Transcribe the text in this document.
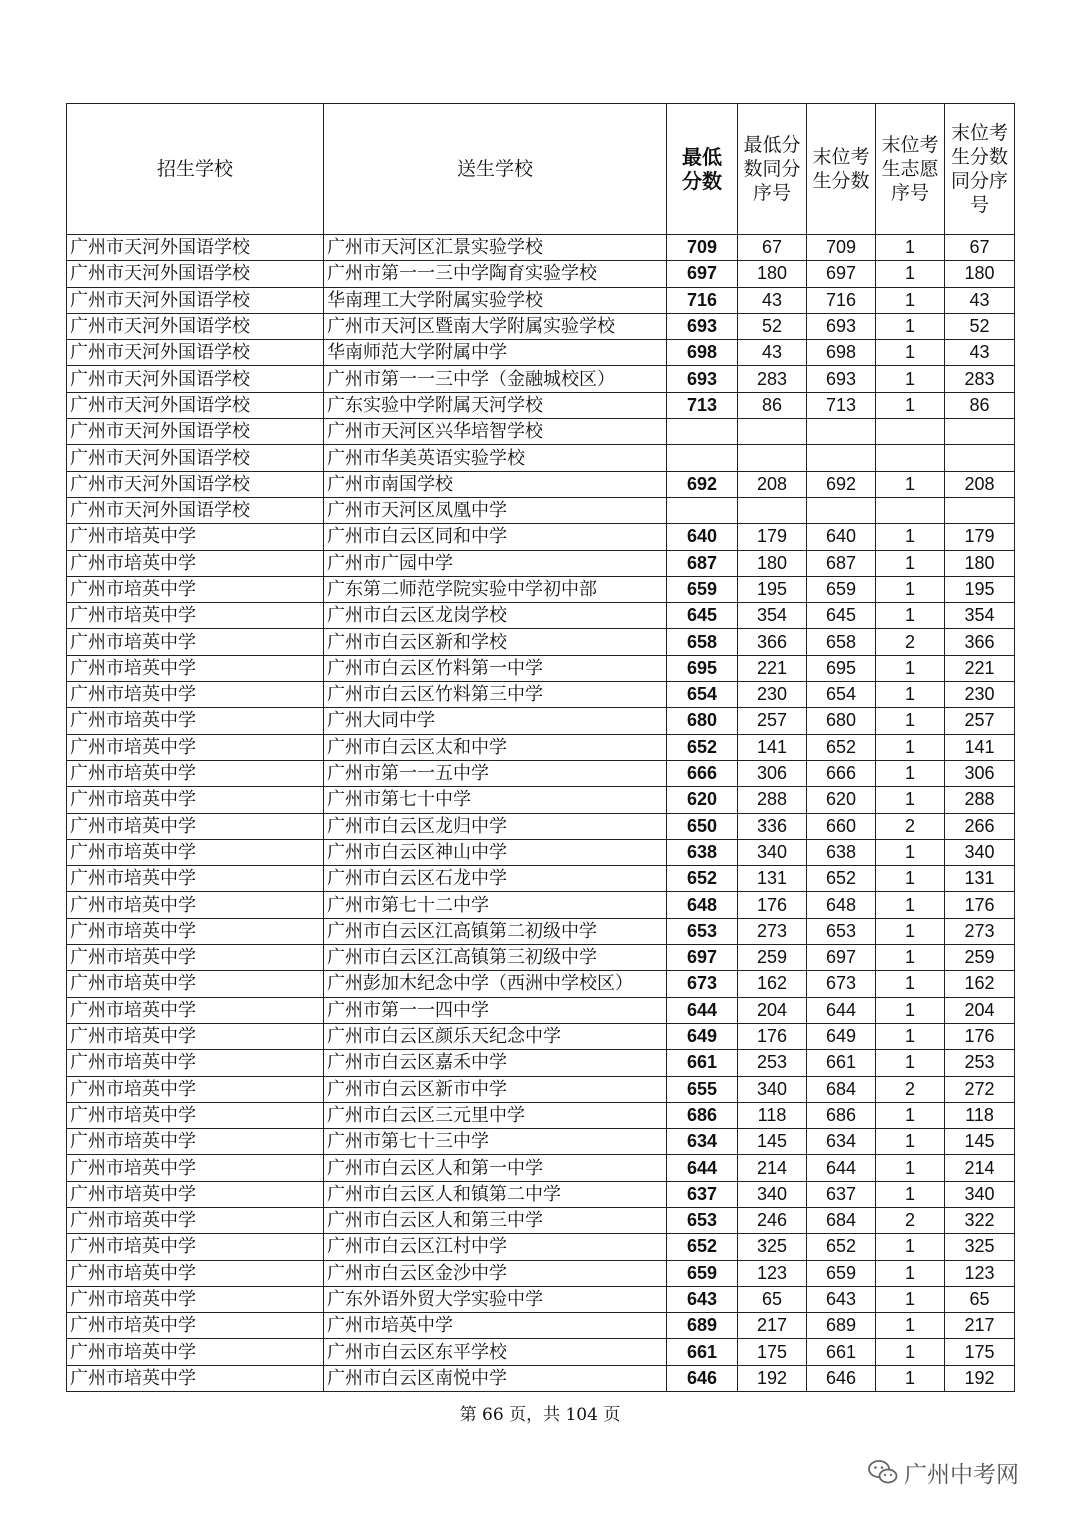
招生学校	送生学校	最低分数	最低分数同分序号	末位考生分数	末位考生志愿序号	末位考生分数同分序号

广州市天河外国语学校	广州市天河区汇景实验学校	709	67	709	1	67
广州市天河外国语学校	广州市第一一三中学陶育实验学校	697	180	697	1	180
广州市天河外国语学校	华南理工大学附属实验学校	716	43	716	1	43
广州市天河外国语学校	广州市天河区暨南大学附属实验学校	693	52	693	1	52
广州市天河外国语学校	华南师范大学附属中学	698	43	698	1	43
广州市天河外国语学校	广州市第一一三中学（金融城校区）	693	283	693	1	283
广州市天河外国语学校	广东实验中学附属天河学校	713	86	713	1	86
广州市天河外国语学校	广州市天河区兴华培智学校					
广州市天河外国语学校	广州市华美英语实验学校					
广州市天河外国语学校	广州市南国学校	692	208	692	1	208
广州市天河外国语学校	广州市天河区凤凰中学					
广州市培英中学	广州市白云区同和中学	640	179	640	1	179
广州市培英中学	广州市广园中学	687	180	687	1	180
广州市培英中学	广东第二师范学院实验中学初中部	659	195	659	1	195
广州市培英中学	广州市白云区龙岗学校	645	354	645	1	354
广州市培英中学	广州市白云区新和学校	658	366	658	2	366
广州市培英中学	广州市白云区竹料第一中学	695	221	695	1	221
广州市培英中学	广州市白云区竹料第三中学	654	230	654	1	230
广州市培英中学	广州大同中学	680	257	680	1	257
广州市培英中学	广州市白云区太和中学	652	141	652	1	141
广州市培英中学	广州市第一一五中学	666	306	666	1	306
广州市培英中学	广州市第七十中学	620	288	620	1	288
广州市培英中学	广州市白云区龙归中学	650	336	660	2	266
广州市培英中学	广州市白云区神山中学	638	340	638	1	340
广州市培英中学	广州市白云区石龙中学	652	131	652	1	131
广州市培英中学	广州市第七十二中学	648	176	648	1	176
广州市培英中学	广州市白云区江高镇第二初级中学	653	273	653	1	273
广州市培英中学	广州市白云区江高镇第三初级中学	697	259	697	1	259
广州市培英中学	广州彭加木纪念中学（西洲中学校区）	673	162	673	1	162
广州市培英中学	广州市第一一四中学	644	204	644	1	204
广州市培英中学	广州市白云区颜乐天纪念中学	649	176	649	1	176
广州市培英中学	广州市白云区嘉禾中学	661	253	661	1	253
广州市培英中学	广州市白云区新市中学	655	340	684	2	272
广州市培英中学	广州市白云区三元里中学	686	118	686	1	118
广州市培英中学	广州市第七十三中学	634	145	634	1	145
广州市培英中学	广州市白云区人和第一中学	644	214	644	1	214
广州市培英中学	广州市白云区人和镇第二中学	637	340	637	1	340
广州市培英中学	广州市白云区人和第三中学	653	246	684	2	322
广州市培英中学	广州市白云区江村中学	652	325	652	1	325
广州市培英中学	广州市白云区金沙中学	659	123	659	1	123
广州市培英中学	广东外语外贸大学实验中学	643	65	643	1	65
广州市培英中学	广州市培英中学	689	217	689	1	217
广州市培英中学	广州市白云区东平学校	661	175	661	1	175
广州市培英中学	广州市白云区南悦中学	646	192	646	1	192
第 66 页，共 104 页
广州中考网
